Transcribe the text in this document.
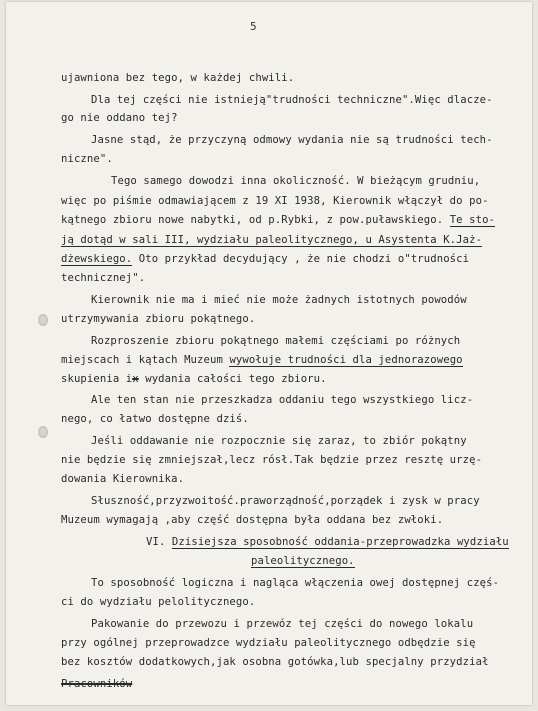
5
ujawniona bez tego, w każdej chwili.
Dla tej części nie istnieją"trudności techniczne".Więc dlacze-
go nie oddano tej?
Jasne stąd, że przyczyną odmowy wydania nie są trudności tech-
niczne".
Tego samego dowodzi inna okoliczność. W bieżącym grudniu,
więc po piśmie odmawiającem z 19 XI 1938, Kierownik włączył do po-
kątnego zbioru nowe nabytki, od p.Rybki, z pow.puławskiego. Te sto-
ją dotąd w sali III, wydziału paleolitycznego, u Asystenta K.Jaż-
dżewskiego. Oto przykład decydujący , że nie chodzi o"trudności
technicznej".
Kierownik nie ma i mieć nie może żadnych istotnych powodów
utrzymywania zbioru pokątnego.
Rozproszenie zbioru pokątnego małemi częściami po różnych
miejscach i kątach Muzeum wywołuje trudności dla jednorazowego
skupienia ix wydania całości tego zbioru.
Ale ten stan nie przeszkadza oddaniu tego wszystkiego licz-
nego, co łatwo dostępne dziś.
Jeśli oddawanie nie rozpocznie się zaraz, to zbiór pokątny
nie będzie się zmniejszał,lecz rósł.Tak będzie przez resztę urzę-
dowania Kierownika.
Słuszność,przyzwoitość.praworządność,porządek i zysk w pracy
Muzeum wymagają ,aby część dostępna była oddana bez zwłoki.
VI. Dzisiejsza sposobność oddania-przeprowadzka wydziału
paleolitycznego.
To sposobność logiczna i nagląca włączenia owej dostępnej częś-
ci do wydziału pelolitycznego.
Pakowanie do przewozu i przewóz tej części do nowego lokalu
przy ogólnej przeprowadzce wydziału paleolitycznego odbędzie się
bez kosztów dodatkowych,jak osobna gotówka,lub specjalny przydział
Pracowników
